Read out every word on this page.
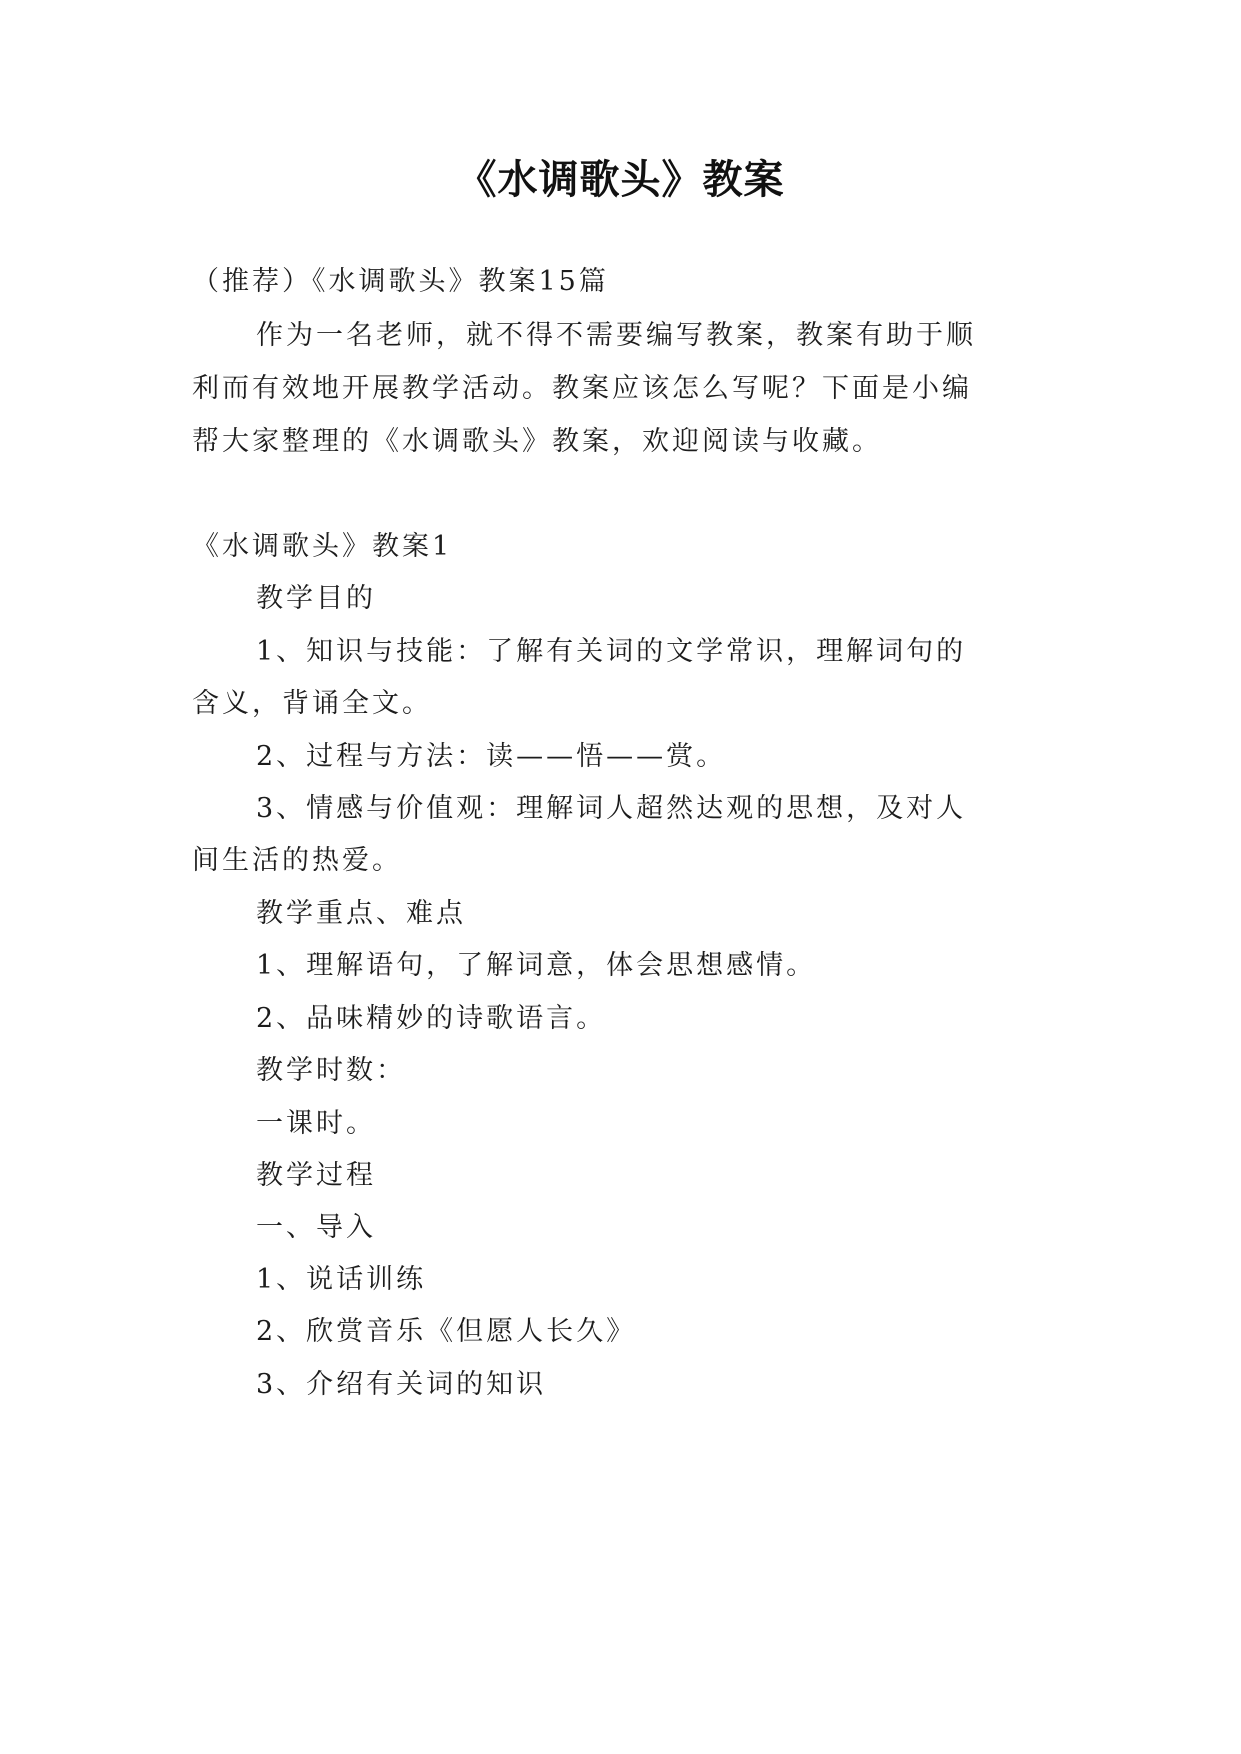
《水调歌头》教案
（推荐）《水调歌头》教案15篇
作为一名老师，就不得不需要编写教案，教案有助于顺
利而有效地开展教学活动。教案应该怎么写呢？下面是小编
帮大家整理的《水调歌头》教案，欢迎阅读与收藏。
《水调歌头》教案1
教学目的
1、知识与技能：了解有关词的文学常识，理解词句的
含义，背诵全文。
2、过程与方法：读——悟——赏。
3、情感与价值观：理解词人超然达观的思想，及对人
间生活的热爱。
教学重点、难点
1、理解语句，了解词意，体会思想感情。
2、品味精妙的诗歌语言。
教学时数：
一课时。
教学过程
一、导入
1、说话训练
2、欣赏音乐《但愿人长久》
3、介绍有关词的知识
